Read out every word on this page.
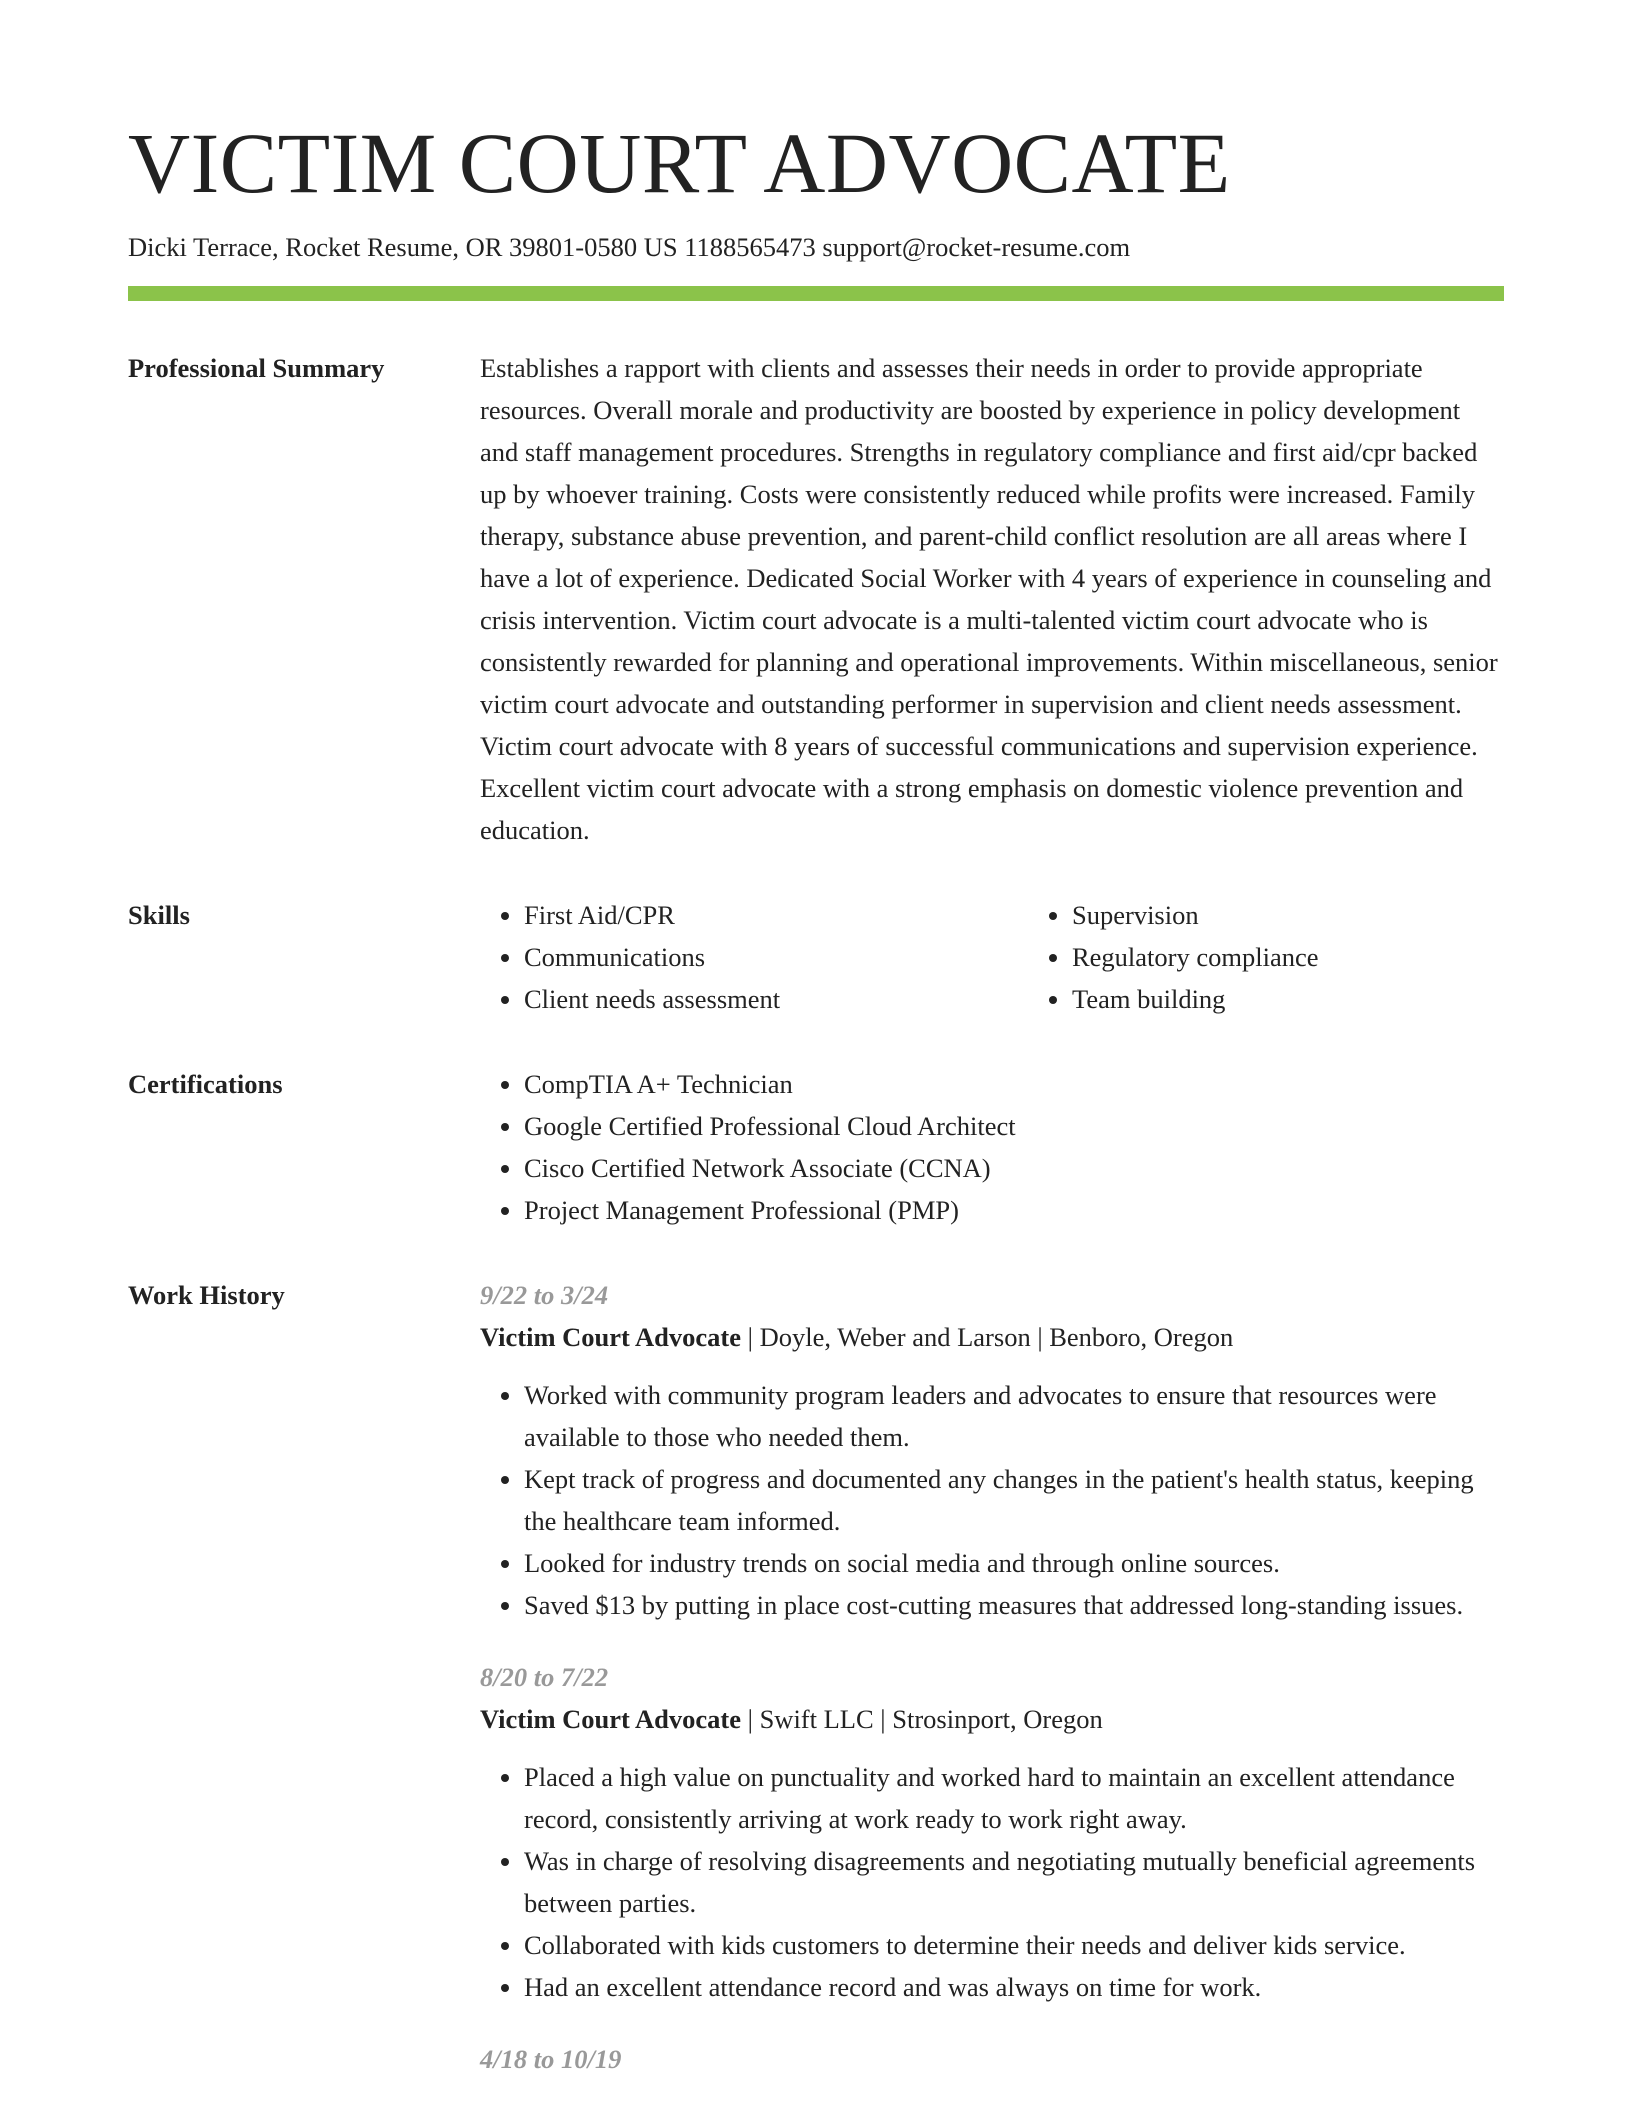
VICTIM COURT ADVOCATE
Dicki Terrace, Rocket Resume, OR 39801-0580 US 1188565473 support@rocket-resume.com
Professional Summary	Establishes a rapport with clients and assesses their needs in order to provide appropriate resources. Overall morale and productivity are boosted by experience in policy development and staff management procedures. Strengths in regulatory compliance and first aid/cpr backed up by whoever training. Costs were consistently reduced while profits were increased. Family therapy, substance abuse prevention, and parent-child conflict resolution are all areas where I have a lot of experience. Dedicated Social Worker with 4 years of experience in counseling and crisis intervention. Victim court advocate is a multi-talented victim court advocate who is consistently rewarded for planning and operational improvements. Within miscellaneous, senior victim court advocate and outstanding performer in supervision and client needs assessment. Victim court advocate with 8 years of successful communications and supervision experience. Excellent victim court advocate with a strong emphasis on domestic violence prevention and education.

Skills	• First Aid/CPR
• Communications
• Client needs assessment
• Supervision
• Regulatory compliance
• Team building
Certifications	• CompTIA A+ Technician
• Google Certified Professional Cloud Architect
• Cisco Certified Network Associate (CCNA)
• Project Management Professional (PMP)
Work History	9/22 to 3/24
Victim Court Advocate | Doyle, Weber and Larson | Benboro, Oregon
• Worked with community program leaders and advocates to ensure that resources were available to those who needed them.
• Kept track of progress and documented any changes in the patient's health status, keeping the healthcare team informed.
• Looked for industry trends on social media and through online sources.
• Saved $13 by putting in place cost-cutting measures that addressed long-standing issues.
8/20 to 7/22
Victim Court Advocate | Swift LLC | Strosinport, Oregon
• Placed a high value on punctuality and worked hard to maintain an excellent attendance record, consistently arriving at work ready to work right away.
• Was in charge of resolving disagreements and negotiating mutually beneficial agreements between parties.
• Collaborated with kids customers to determine their needs and deliver kids service.
• Had an excellent attendance record and was always on time for work.
4/18 to 10/19
